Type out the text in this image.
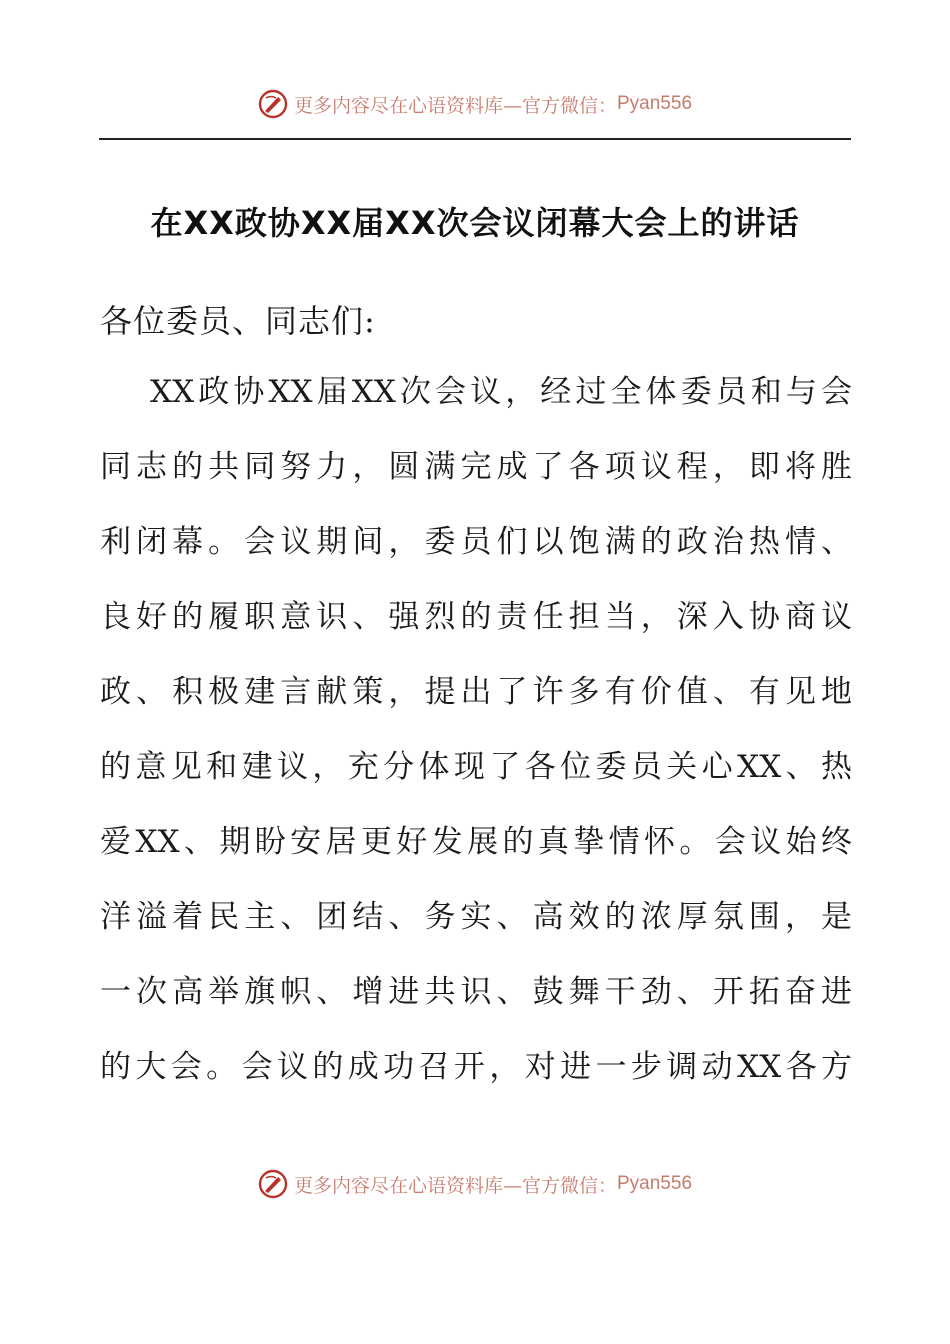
更多内容尽在心语资料库—官方微信： Pyan556
在XX政协XX届XX次会议闭幕大会上的讲话
各位委员、同志们:
XX政协XX届XX次会议，经过全体委员和与会
同志的共同努力，圆满完成了各项议程，即将胜
利闭幕。会议期间，委员们以饱满的政治热情、
良好的履职意识、强烈的责任担当，深入协商议
政、积极建言献策，提出了许多有价值、有见地
的意见和建议，充分体现了各位委员关心XX、热
爱XX、期盼安居更好发展的真挚情怀。会议始终
洋溢着民主、团结、务实、高效的浓厚氛围，是
一次高举旗帜、增进共识、鼓舞干劲、开拓奋进
的大会。会议的成功召开，对进一步调动XX各方
更多内容尽在心语资料库—官方微信： Pyan556
